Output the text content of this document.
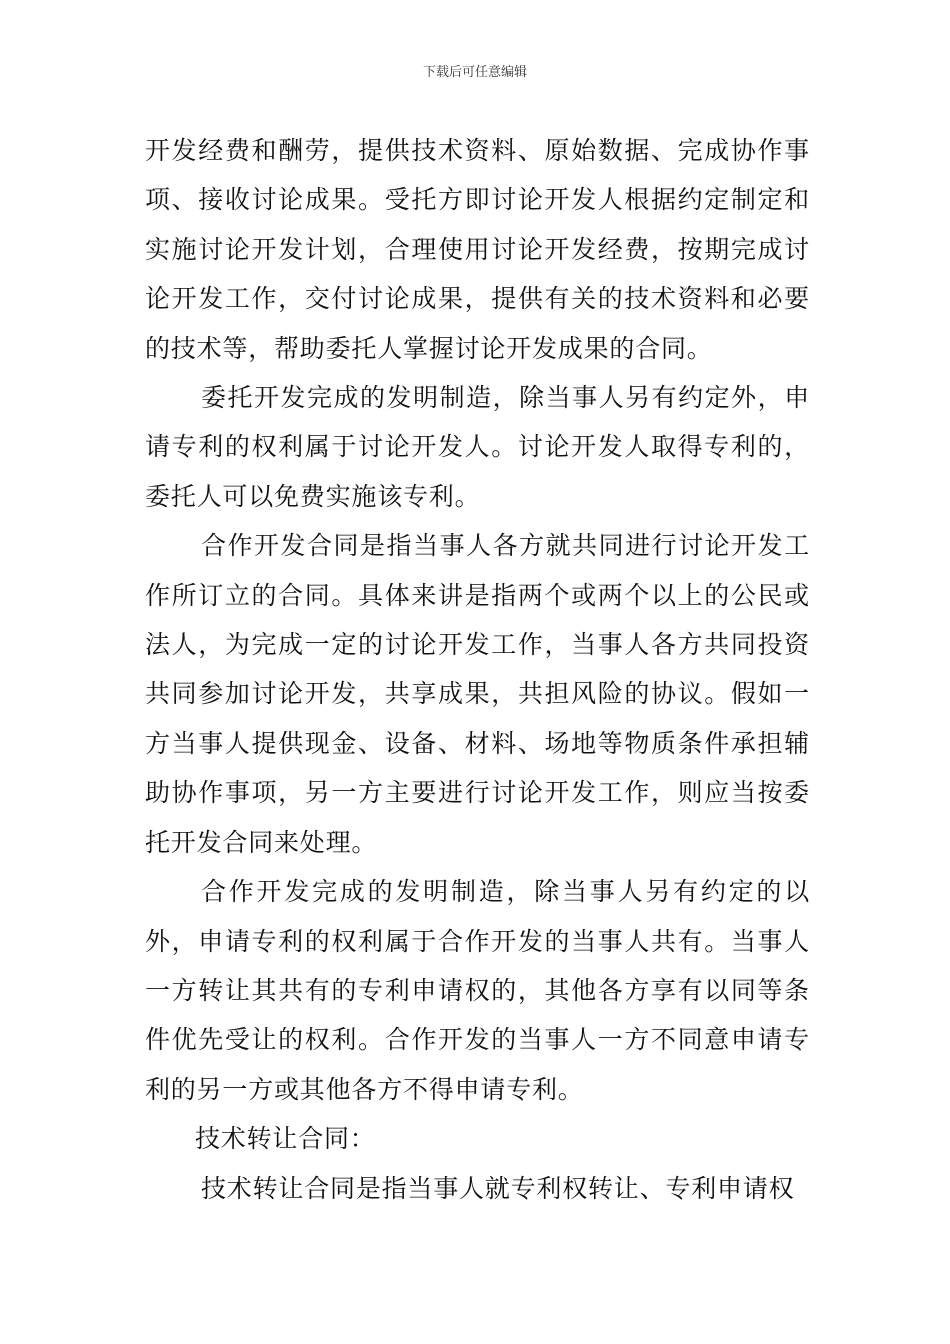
下载后可任意编辑

开发经费和酬劳，提供技术资料、原始数据、完成协作事项、接收讨论成果。受托方即讨论开发人根据约定制定和实施讨论开发计划，合理使用讨论开发经费，按期完成讨论开发工作，交付讨论成果，提供有关的技术资料和必要的技术等，帮助委托人掌握讨论开发成果的合同。

委托开发完成的发明制造，除当事人另有约定外，申请专利的权利属于讨论开发人。讨论开发人取得专利的，委托人可以免费实施该专利。

合作开发合同是指当事人各方就共同进行讨论开发工作所订立的合同。具体来讲是指两个或两个以上的公民或法人，为完成一定的讨论开发工作，当事人各方共同投资共同参加讨论开发，共享成果，共担风险的协议。假如一方当事人提供现金、设备、材料、场地等物质条件承担辅助协作事项，另一方主要进行讨论开发工作，则应当按委托开发合同来处理。

合作开发完成的发明制造，除当事人另有约定的以外，申请专利的权利属于合作开发的当事人共有。当事人一方转让其共有的专利申请权的，其他各方享有以同等条件优先受让的权利。合作开发的当事人一方不同意申请专利的另一方或其他各方不得申请专利。

技术转让合同：

技术转让合同是指当事人就专利权转让、专利申请权
